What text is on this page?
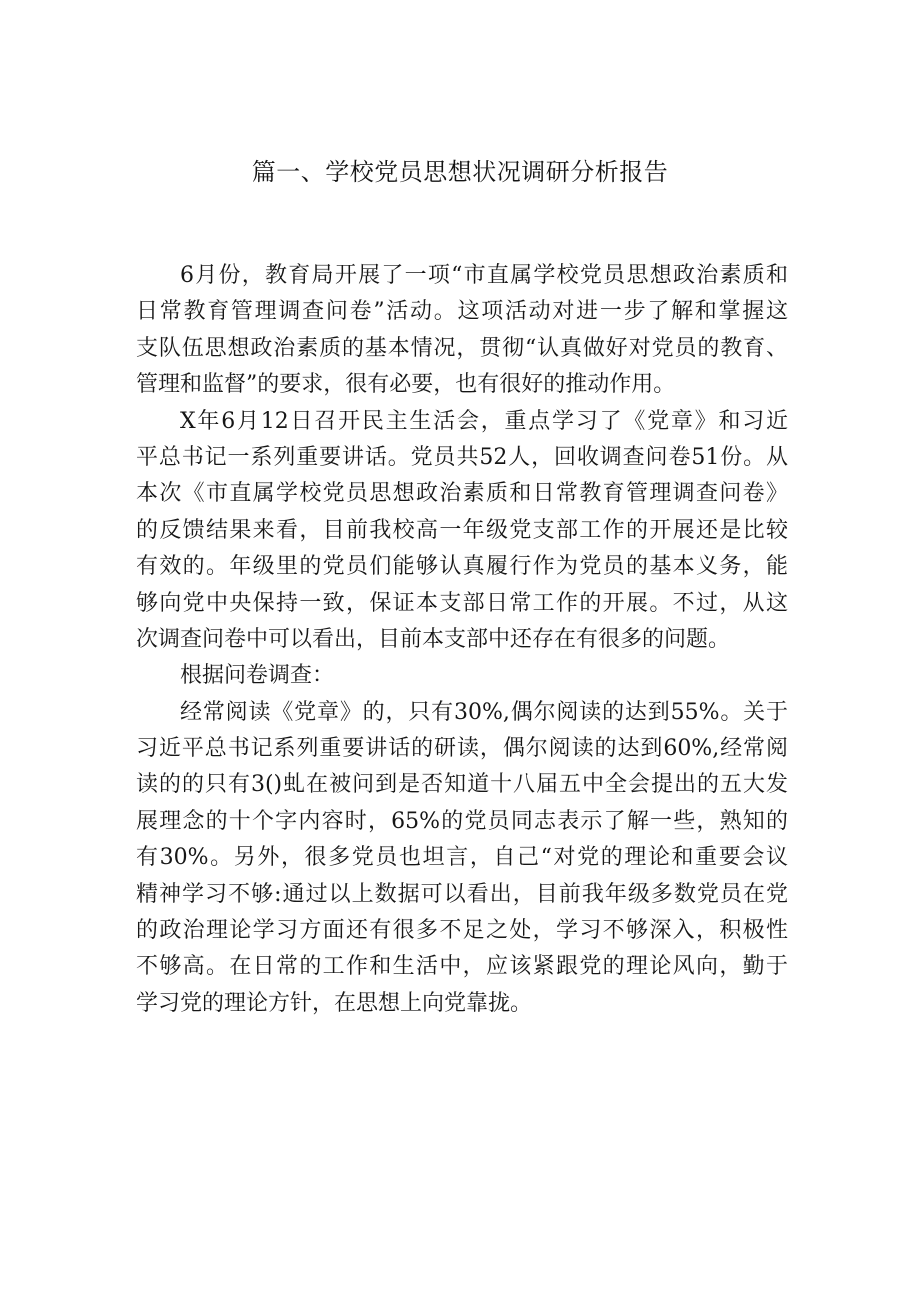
篇一、学校党员思想状况调研分析报告
6月份，教育局开展了一项“市直属学校党员思想政治素质和
日常教育管理调查问卷”活动。这项活动对进一步了解和掌握这
支队伍思想政治素质的基本情况，贯彻“认真做好对党员的教育、
管理和监督”的要求，很有必要，也有很好的推动作用。
X年6月12日召开民主生活会，重点学习了《党章》和习近
平总书记一系列重要讲话。党员共52人，回收调查问卷51份。从
本次《市直属学校党员思想政治素质和日常教育管理调查问卷》
的反馈结果来看，目前我校高一年级党支部工作的开展还是比较
有效的。年级里的党员们能够认真履行作为党员的基本义务，能
够向党中央保持一致，保证本支部日常工作的开展。不过，从这
次调查问卷中可以看出，目前本支部中还存在有很多的问题。
根据问卷调查：
经常阅读《党章》的，只有30%,偶尔阅读的达到55%。关于
习近平总书记系列重要讲话的研读，偶尔阅读的达到60%,经常阅
读的的只有3()虬在被问到是否知道十八届五中全会提出的五大发
展理念的十个字内容时，65%的党员同志表示了解一些，熟知的
有30%。另外，很多党员也坦言，自己“对党的理论和重要会议
精神学习不够:通过以上数据可以看出，目前我年级多数党员在党
的政治理论学习方面还有很多不足之处，学习不够深入，积极性
不够高。在日常的工作和生活中，应该紧跟党的理论风向，勤于
学习党的理论方针，在思想上向党靠拢。
